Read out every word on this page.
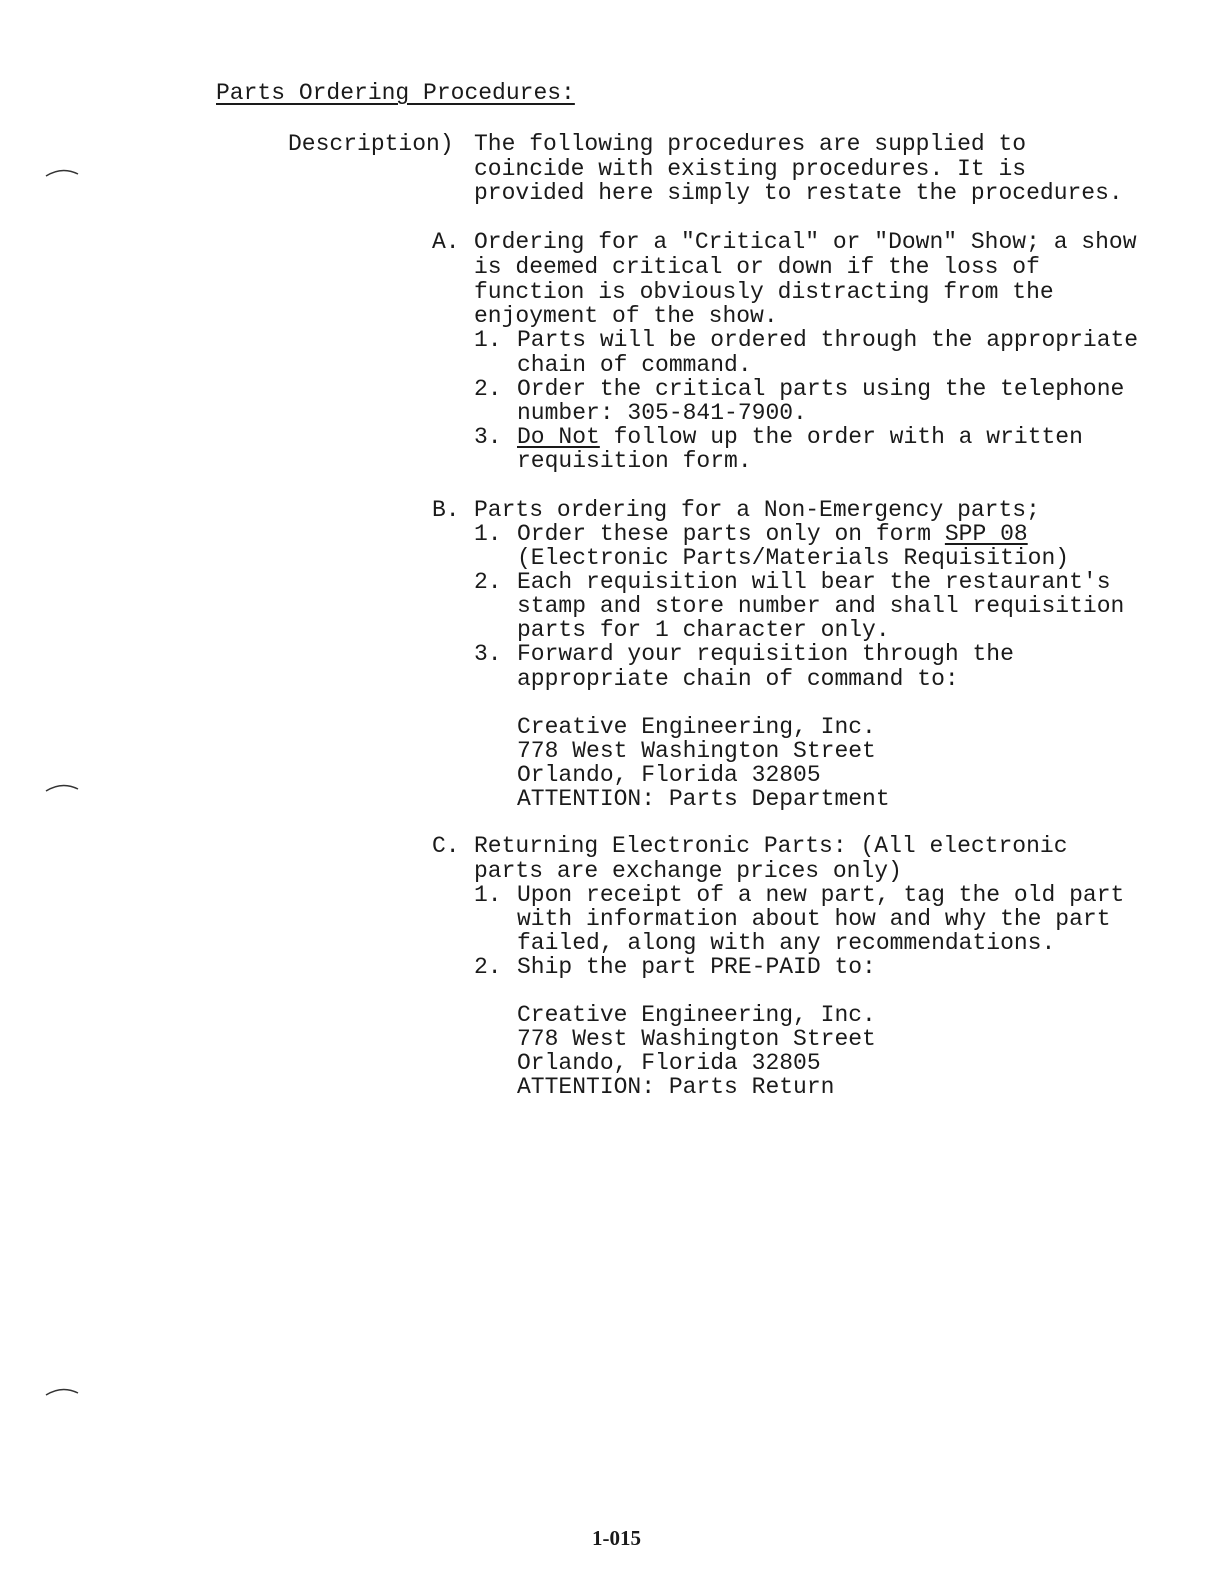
Parts Ordering Procedures:
Description) The following procedures are supplied to
coincide with existing procedures. It is
provided here simply to restate the procedures.
A. Ordering for a "Critical" or "Down" Show; a show
is deemed critical or down if the loss of
function is obviously distracting from the
enjoyment of the show.
1. Parts will be ordered through the appropriate
chain of command.
2. Order the critical parts using the telephone
number: 305-841-7900.
3. Do Not follow up the order with a written
requisition form.
B. Parts ordering for a Non-Emergency parts;
1. Order these parts only on form SPP 08
(Electronic Parts/Materials Requisition)
2. Each requisition will bear the restaurant's
stamp and store number and shall requisition
parts for 1 character only.
3. Forward your requisition through the
appropriate chain of command to:
Creative Engineering, Inc.
778 West Washington Street
Orlando, Florida 32805
ATTENTION: Parts Department
C. Returning Electronic Parts: (All electronic
parts are exchange prices only)
1. Upon receipt of a new part, tag the old part
with information about how and why the part
failed, along with any recommendations.
2. Ship the part PRE-PAID to:
Creative Engineering, Inc.
778 West Washington Street
Orlando, Florida 32805
ATTENTION: Parts Return
1-015
